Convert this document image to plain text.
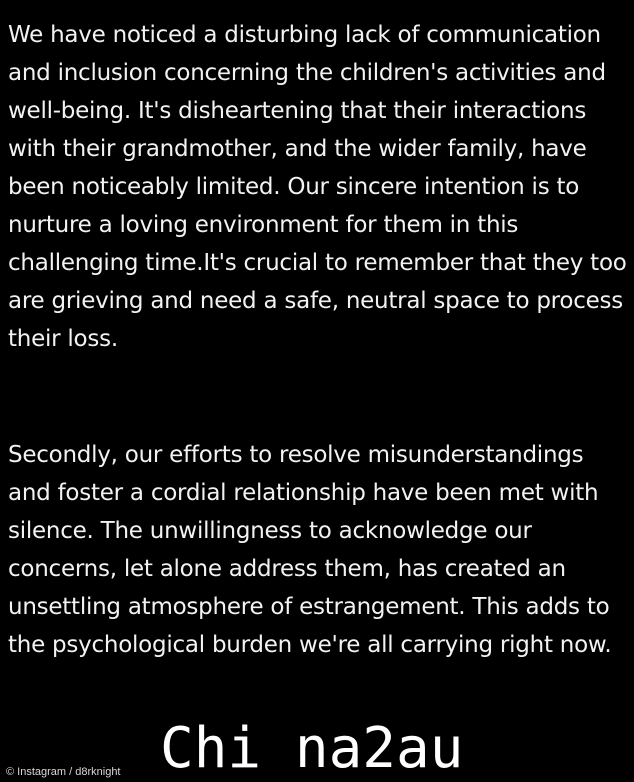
We have noticed a disturbing lack of communication and inclusion concerning the children's activities and well-being. It's disheartening that their interactions with their grandmother, and the wider family, have been noticeably limited. Our sincere intention is to nurture a loving environment for them in this challenging time.It's crucial to remember that they too are grieving and need a safe, neutral space to process their loss.

Secondly, our efforts to resolve misunderstandings and foster a cordial relationship have been met with silence. The unwillingness to acknowledge our concerns, let alone address them, has created an unsettling atmosphere of estrangement. This adds to the psychological burden we're all carrying right now.

© Instagram / d8rknight Chi na2au
